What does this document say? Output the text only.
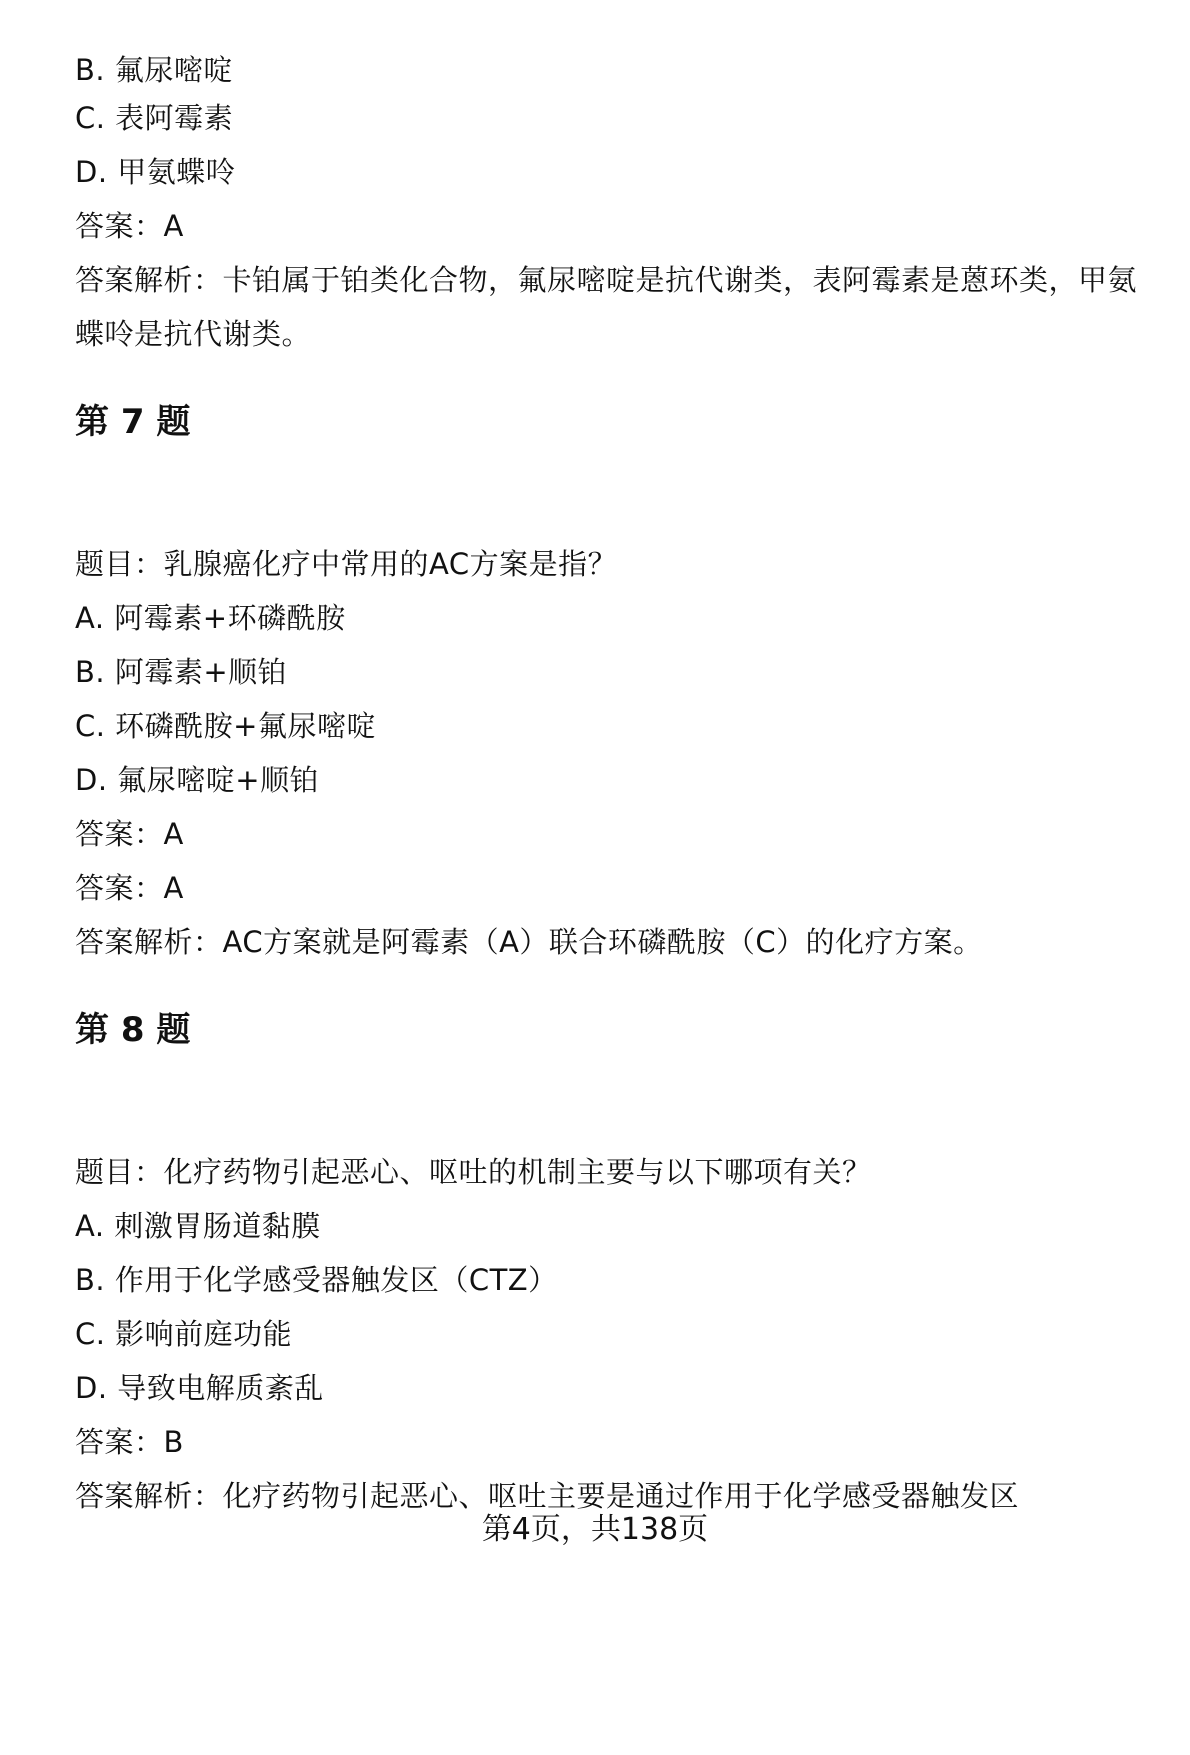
B. 氟尿嘧啶
C. 表阿霉素
D. 甲氨蝶呤
答案：A
答案解析：卡铂属于铂类化合物，氟尿嘧啶是抗代谢类，表阿霉素是蒽环类，甲氨
蝶呤是抗代谢类。
第 7 题
题目：乳腺癌化疗中常用的AC方案是指？
A. 阿霉素+环磷酰胺
B. 阿霉素+顺铂
C. 环磷酰胺+氟尿嘧啶
D. 氟尿嘧啶+顺铂
答案：A
答案：A
答案解析：AC方案就是阿霉素（A）联合环磷酰胺（C）的化疗方案。
第 8 题
题目：化疗药物引起恶心、呕吐的机制主要与以下哪项有关？
A. 刺激胃肠道黏膜
B. 作用于化学感受器触发区（CTZ）
C. 影响前庭功能
D. 导致电解质紊乱
答案：B
答案解析：化疗药物引起恶心、呕吐主要是通过作用于化学感受器触发区
第4页，共138页
